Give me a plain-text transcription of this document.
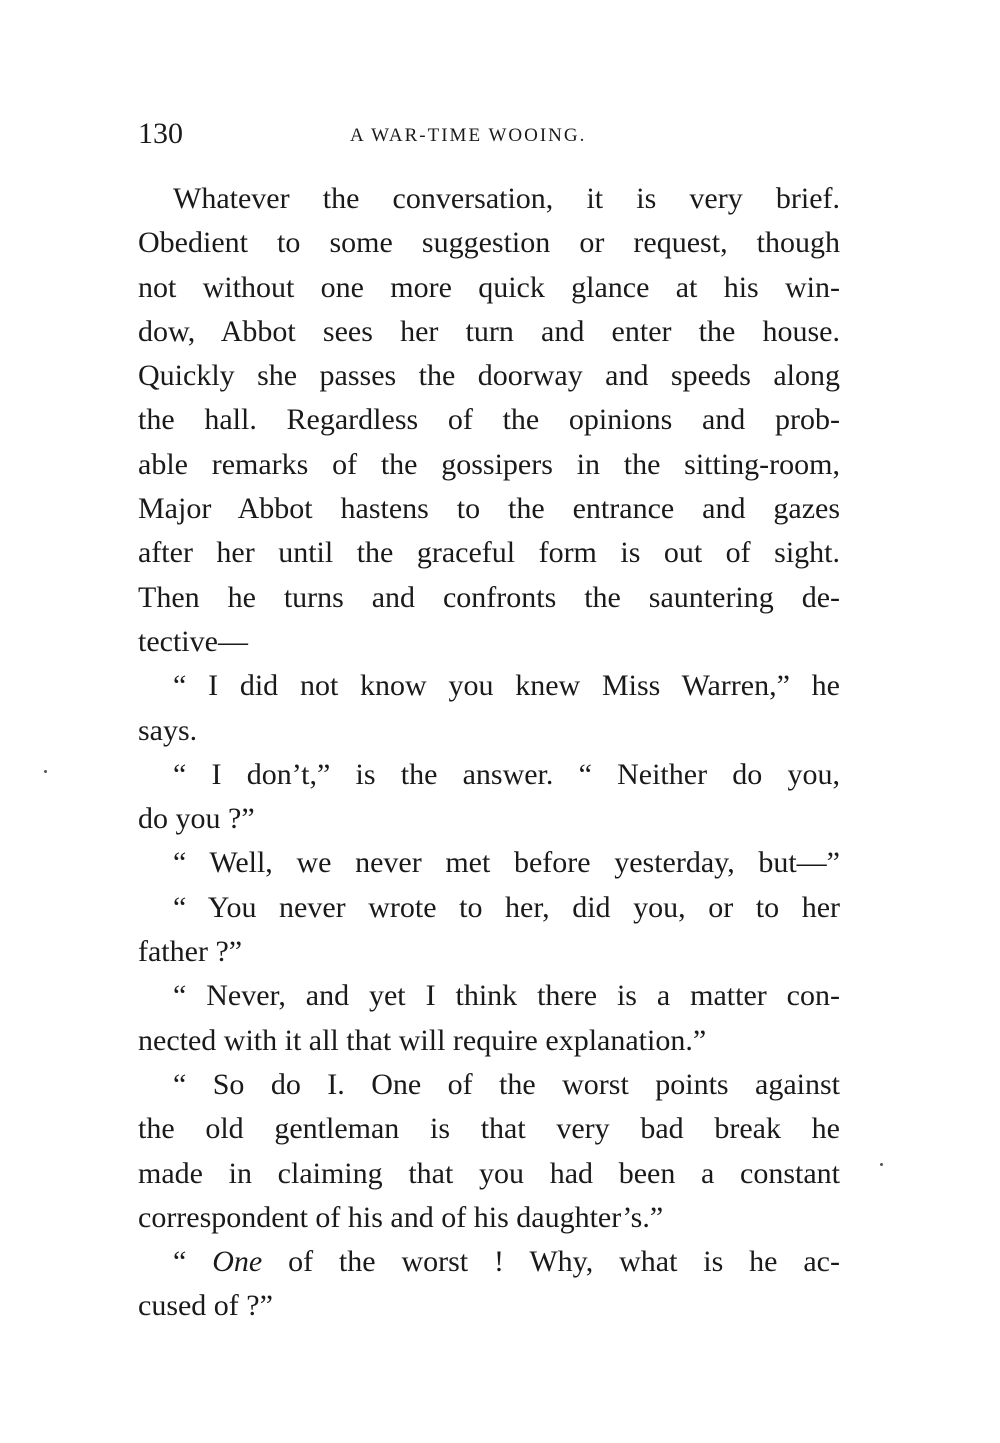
130	A WAR-TIME WOOING.
Whatever the conversation, it is very brief.
Obedient to some suggestion or request, though
not without one more quick glance at his win-
dow, Abbot sees her turn and enter the house.
Quickly she passes the doorway and speeds along
the hall. Regardless of the opinions and prob-
able remarks of the gossipers in the sitting-room,
Major Abbot hastens to the entrance and gazes
after her until the graceful form is out of sight.
Then he turns and confronts the sauntering de-
tective—
“ I did not know you knew Miss Warren,” he
says.
“ I don’t,” is the answer. “ Neither do you,
do you ?”
“ Well, we never met before yesterday, but—”
“ You never wrote to her, did you, or to her
father ?”
“ Never, and yet I think there is a matter con-
nected with it all that will require explanation.”
“ So do I. One of the worst points against
the old gentleman is that very bad break he
made in claiming that you had been a constant
correspondent of his and of his daughter’s.”
“ One of the worst ! Why, what is he ac-
cused of ?”
